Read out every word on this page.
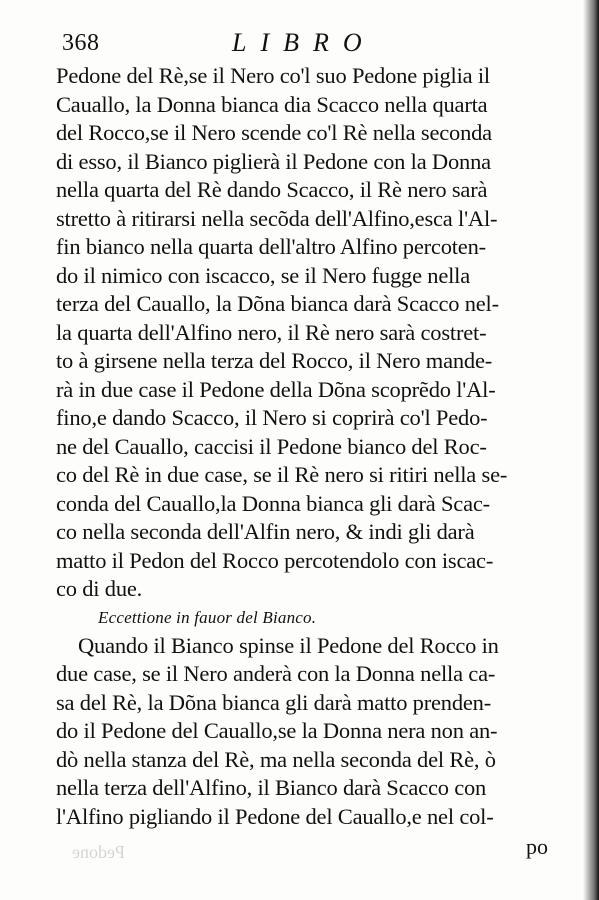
368	LIBRO
Pedone del Rè,se il Nero co'l suo Pedone piglia il
Cauallo, la Donna bianca dia Scacco nella quarta
del Rocco,se il Nero scende co'l Rè nella seconda
di esso, il Bianco piglierà il Pedone con la Donna
nella quarta del Rè dando Scacco, il Rè nero sarà
stretto à ritirarsi nella secõda dell'Alfino,esca l'Al-
fin bianco nella quarta dell'altro Alfino percoten-
do il nimico con iscacco, se il Nero fugge nella
terza del Cauallo, la Dõna bianca darà Scacco nel-
la quarta dell'Alfino nero, il Rè nero sarà costret-
to à girsene nella terza del Rocco, il Nero mande-
rà in due case il Pedone della Dõna scoprẽdo l'Al-
fino,e dando Scacco, il Nero si coprirà co'l Pedo-
ne del Cauallo, caccisi il Pedone bianco del Roc-
co del Rè in due case, se il Rè nero si ritiri nella se-
conda del Cauallo,la Donna bianca gli darà Scac-
co nella seconda dell'Alfin nero, & indi gli darà
matto il Pedon del Rocco percotendolo con iscac-
co di due.
Eccettione in fauor del Bianco.
Quando il Bianco spinse il Pedone del Rocco in
due case, se il Nero anderà con la Donna nella ca-
sa del Rè, la Dõna bianca gli darà matto prenden-
do il Pedone del Cauallo,se la Donna nera non an-
dò nella stanza del Rè, ma nella seconda del Rè, ò
nella terza dell'Alfino, il Bianco darà Scacco con
l'Alfino pigliando il Pedone del Cauallo,e nel col-
Pedone	po
